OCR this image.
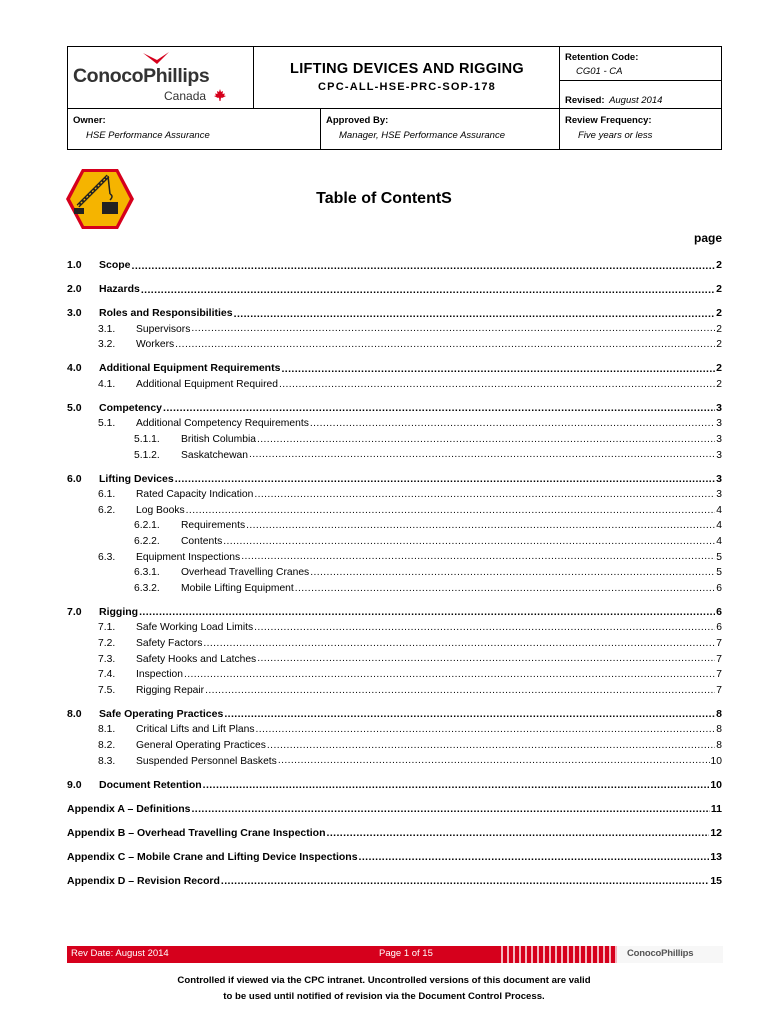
ConocoPhillips
Canada
LIFTING DEVICES AND RIGGING
CPC-ALL-HSE-PRC-SOP-178
Retention Code:
CG01 - CA
Revised: August 2014
Owner:
HSE Performance Assurance
Approved By:
Manager, HSE Performance Assurance
Review Frequency:
Five years or less
Table of ContentS
page
1.0	Scope .....	2
2.0	Hazards .....	2
3.0	Roles and Responsibilities .....	2
3.1.	Supervisors .....	2
3.2.	Workers .....	2
4.0	Additional Equipment Requirements .....	2
4.1.	Additional Equipment Required .....	2
5.0	Competency .....	3
5.1.	Additional Competency Requirements .....	3
5.1.1.	British Columbia .....	3
5.1.2.	Saskatchewan .....	3
6.0	Lifting Devices .....	3
6.1.	Rated Capacity Indication .....	3
6.2.	Log Books .....	4
6.2.1.	Requirements .....	4
6.2.2.	Contents .....	4
6.3.	Equipment Inspections .....	5
6.3.1.	Overhead Travelling Cranes .....	5
6.3.2.	Mobile Lifting Equipment .....	6
7.0	Rigging .....	6
7.1.	Safe Working Load Limits .....	6
7.2.	Safety Factors .....	7
7.3.	Safety Hooks and Latches .....	7
7.4.	Inspection .....	7
7.5.	Rigging Repair .....	7
8.0	Safe Operating Practices .....	8
8.1.	Critical Lifts and Lift Plans .....	8
8.2.	General Operating Practices .....	8
8.3.	Suspended Personnel Baskets .....	10
9.0	Document Retention .....	10
Appendix A – Definitions .....	11
Appendix B – Overhead Travelling Crane Inspection .....	12
Appendix C – Mobile Crane and Lifting Device Inspections .....	13
Appendix D – Revision Record .....	15
ConocoPhillips
Rev Date: August 2014	Page 1 of 15
Controlled if viewed via the CPC intranet. Uncontrolled versions of this document are valid
to be used until notified of revision via the Document Control Process.
